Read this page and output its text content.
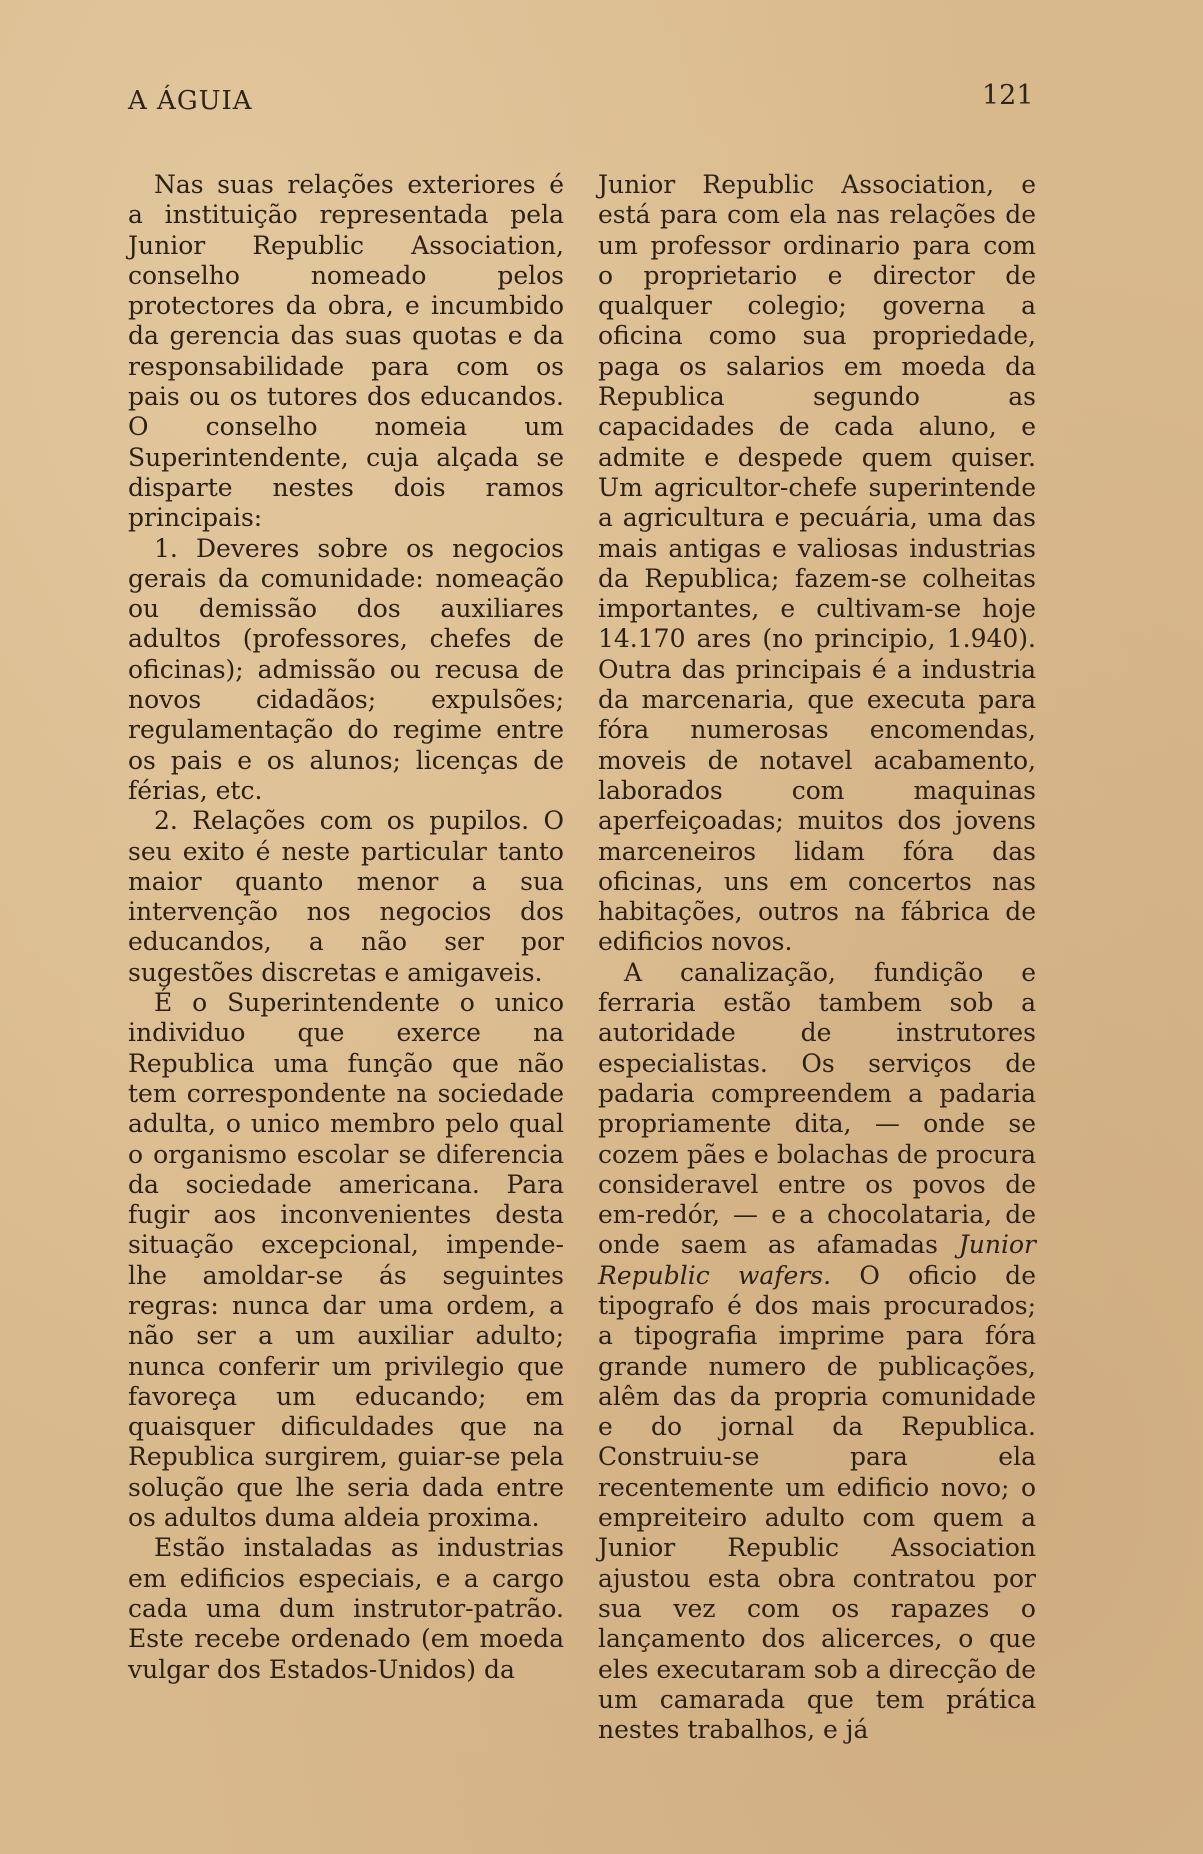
A ÁGUIA	121

Nas suas relações exteriores é a instituição representada pela Junior Republic Association, conselho nomeado pelos protectores da obra, e incumbido da gerencia das suas quotas e da responsabilidade para com os pais ou os tutores dos educandos. O conselho nomeia um Superintendente, cuja alçada se disparte nestes dois ramos principais:

1. Deveres sobre os negocios gerais da comunidade: nomeação ou demissão dos auxiliares adultos (professores, chefes de oficinas); admissão ou recusa de novos cidadãos; expulsões; regulamentação do regime entre os pais e os alunos; licenças de férias, etc.

2. Relações com os pupilos. O seu exito é neste particular tanto maior quanto menor a sua intervenção nos negocios dos educandos, a não ser por sugestões discretas e amigaveis.

É o Superintendente o unico individuo que exerce na Republica uma função que não tem correspondente na sociedade adulta, o unico membro pelo qual o organismo escolar se diferencia da sociedade americana. Para fugir aos inconvenientes desta situação excepcional, impende-lhe amoldar-se ás seguintes regras: nunca dar uma ordem, a não ser a um auxiliar adulto; nunca conferir um privilegio que favoreça um educando; em quaisquer dificuldades que na Republica surgirem, guiar-se pela solução que lhe seria dada entre os adultos duma aldeia proxima.

Estão instaladas as industrias em edificios especiais, e a cargo cada uma dum instrutor-patrão. Este recebe ordenado (em moeda vulgar dos Estados-Unidos) da

Junior Republic Association, e está para com ela nas relações de um professor ordinario para com o proprietario e director de qualquer colegio; governa a oficina como sua propriedade, paga os salarios em moeda da Republica segundo as capacidades de cada aluno, e admite e despede quem quiser. Um agricultor-chefe superintende a agricultura e pecuária, uma das mais antigas e valiosas industrias da Republica; fazem-se colheitas importantes, e cultivam-se hoje 14.170 ares (no principio, 1.940). Outra das principais é a industria da marcenaria, que executa para fóra numerosas encomendas, moveis de notavel acabamento, laborados com maquinas aperfeiçoadas; muitos dos jovens marceneiros lidam fóra das oficinas, uns em concertos nas habitações, outros na fábrica de edificios novos.

A canalização, fundição e ferraria estão tambem sob a autoridade de instrutores especialistas. Os serviços de padaria compreendem a padaria propriamente dita, — onde se cozem pães e bolachas de procura consideravel entre os povos de em-redór, — e a chocolataria, de onde saem as afamadas Junior Republic wafers. O oficio de tipografo é dos mais procurados; a tipografia imprime para fóra grande numero de publicações, alêm das da propria comunidade e do jornal da Republica. Construiu-se para ela recentemente um edificio novo; o empreiteiro adulto com quem a Junior Republic Association ajustou esta obra contratou por sua vez com os rapazes o lançamento dos alicerces, o que eles executaram sob a direcção de um camarada que tem prática nestes trabalhos, e já
